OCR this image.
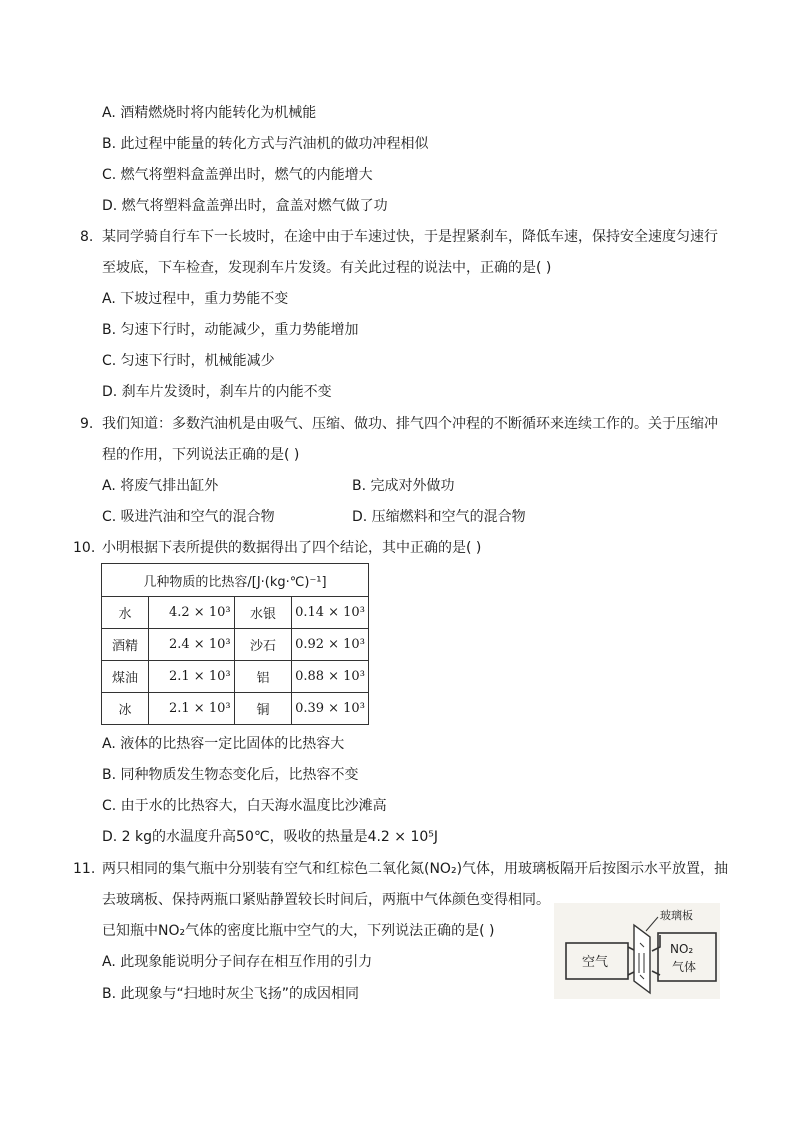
A. 酒精燃烧时将内能转化为机械能
B. 此过程中能量的转化方式与汽油机的做功冲程相似
C. 燃气将塑料盒盖弹出时，燃气的内能增大
D. 燃气将塑料盒盖弹出时，盒盖对燃气做了功
8. 某同学骑自行车下一长坡时，在途中由于车速过快，于是捏紧刹车，降低车速，保持安全速度匀速行
至坡底，下车检查，发现刹车片发烫。有关此过程的说法中，正确的是( )
A. 下坡过程中，重力势能不变
B. 匀速下行时，动能减少，重力势能增加
C. 匀速下行时，机械能减少
D. 刹车片发烫时，刹车片的内能不变
9. 我们知道：多数汽油机是由吸气、压缩、做功、排气四个冲程的不断循环来连续工作的。关于压缩冲
程的作用，下列说法正确的是( )
A. 将废气排出缸外	B. 完成对外做功
C. 吸进汽油和空气的混合物	D. 压缩燃料和空气的混合物
10. 小明根据下表所提供的数据得出了四个结论，其中正确的是( )
几种物质的比热容/[J·(kg·℃)⁻¹]			
水	4.2 × 10³	水银	0.14 × 10³
酒精	2.4 × 10³	沙石	0.92 × 10³
煤油	2.1 × 10³	铝	0.88 × 10³
冰	2.1 × 10³	铜	0.39 × 10³
A. 液体的比热容一定比固体的比热容大
B. 同种物质发生物态变化后，比热容不变
C. 由于水的比热容大，白天海水温度比沙滩高
D. 2 kg的水温度升高50℃，吸收的热量是4.2 × 10⁵J
11. 两只相同的集气瓶中分别装有空气和红棕色二氧化氮(NO₂)气体，用玻璃板隔开后按图示水平放置，抽
去玻璃板、保持两瓶口紧贴静置较长时间后，两瓶中气体颜色变得相同。
已知瓶中NO₂气体的密度比瓶中空气的大，下列说法正确的是( )
A. 此现象能说明分子间存在相互作用的引力
B. 此现象与“扫地时灰尘飞扬”的成因相同
空气
玻璃板
NO₂
气体
